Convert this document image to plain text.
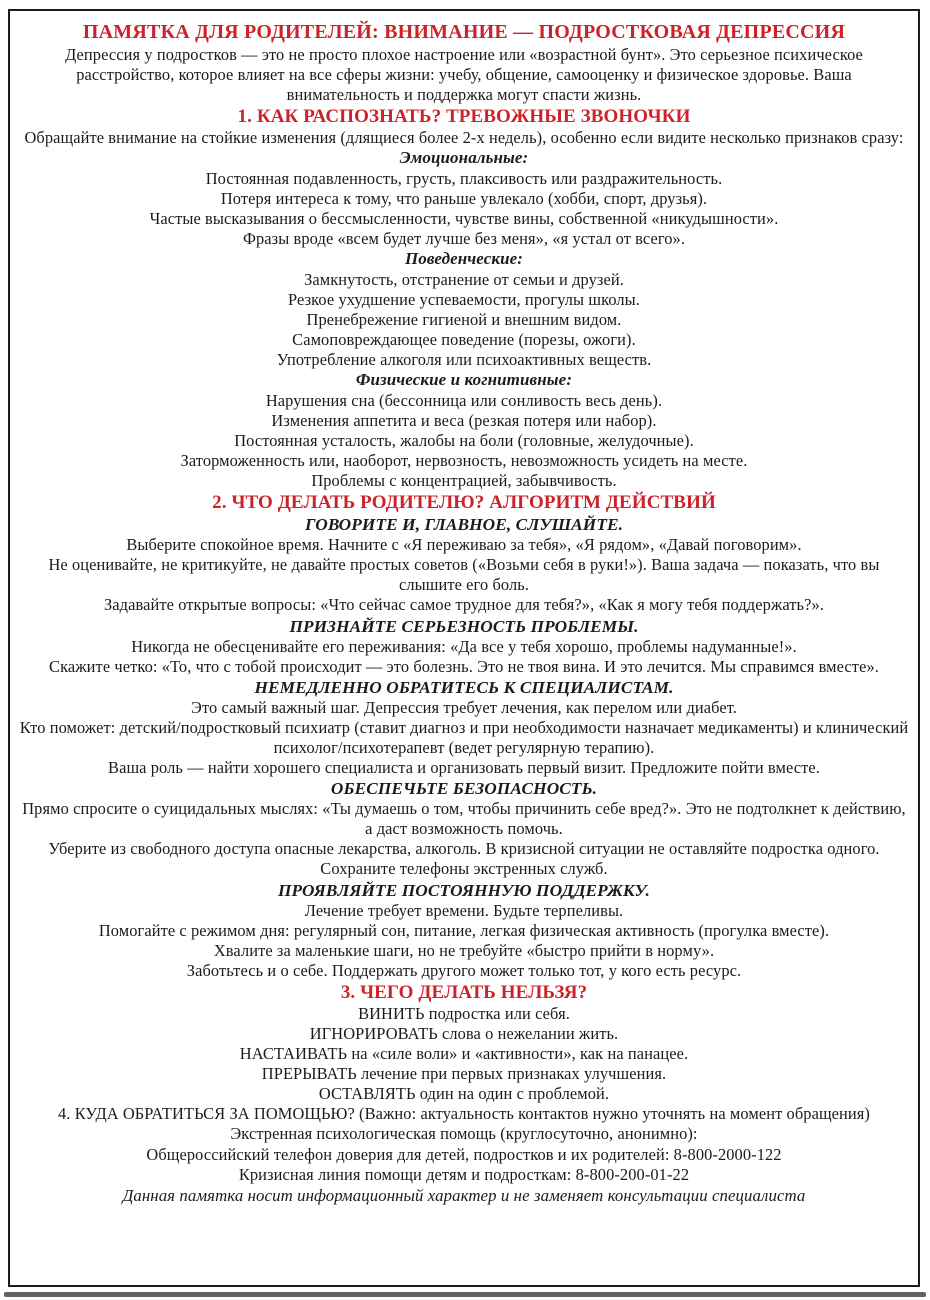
ПАМЯТКА ДЛЯ РОДИТЕЛЕЙ: ВНИМАНИЕ — ПОДРОСТКОВАЯ ДЕПРЕССИЯ
Депрессия у подростков — это не просто плохое настроение или «возрастной бунт». Это серьезное психическое расстройство, которое влияет на все сферы жизни: учебу, общение, самооценку и физическое здоровье. Ваша внимательность и поддержка могут спасти жизнь.
1. КАК РАСПОЗНАТЬ? ТРЕВОЖНЫЕ ЗВОНОЧКИ
Обращайте внимание на стойкие изменения (длящиеся более 2-х недель), особенно если видите несколько признаков сразу:
Эмоциональные:
Постоянная подавленность, грусть, плаксивость или раздражительность.
Потеря интереса к тому, что раньше увлекало (хобби, спорт, друзья).
Частые высказывания о бессмысленности, чувстве вины, собственной «никудышности».
Фразы вроде «всем будет лучше без меня», «я устал от всего».
Поведенческие:
Замкнутость, отстранение от семьи и друзей.
Резкое ухудшение успеваемости, прогулы школы.
Пренебрежение гигиеной и внешним видом.
Самоповреждающее поведение (порезы, ожоги).
Употребление алкоголя или психоактивных веществ.
Физические и когнитивные:
Нарушения сна (бессонница или сонливость весь день).
Изменения аппетита и веса (резкая потеря или набор).
Постоянная усталость, жалобы на боли (головные, желудочные).
Заторможенность или, наоборот, нервозность, невозможность усидеть на месте.
Проблемы с концентрацией, забывчивость.
2. ЧТО ДЕЛАТЬ РОДИТЕЛЮ? АЛГОРИТМ ДЕЙСТВИЙ
ГОВОРИТЕ И, ГЛАВНОЕ, СЛУШАЙТЕ.
Выберите спокойное время. Начните с «Я переживаю за тебя», «Я рядом», «Давай поговорим».
Не оценивайте, не критикуйте, не давайте простых советов («Возьми себя в руки!»). Ваша задача — показать, что вы слышите его боль.
Задавайте открытые вопросы: «Что сейчас самое трудное для тебя?», «Как я могу тебя поддержать?».
ПРИЗНАЙТЕ СЕРЬЕЗНОСТЬ ПРОБЛЕМЫ.
Никогда не обесценивайте его переживания: «Да все у тебя хорошо, проблемы надуманные!».
Скажите четко: «То, что с тобой происходит — это болезнь. Это не твоя вина. И это лечится. Мы справимся вместе».
НЕМЕДЛЕННО ОБРАТИТЕСЬ К СПЕЦИАЛИСТАМ.
Это самый важный шаг. Депрессия требует лечения, как перелом или диабет.
Кто поможет: детский/подростковый психиатр (ставит диагноз и при необходимости назначает медикаменты) и клинический психолог/психотерапевт (ведет регулярную терапию).
Ваша роль — найти хорошего специалиста и организовать первый визит. Предложите пойти вместе.
ОБЕСПЕЧЬТЕ БЕЗОПАСНОСТЬ.
Прямо спросите о суицидальных мыслях: «Ты думаешь о том, чтобы причинить себе вред?». Это не подтолкнет к действию, а даст возможность помочь.
Уберите из свободного доступа опасные лекарства, алкоголь. В кризисной ситуации не оставляйте подростка одного.
Сохраните телефоны экстренных служб.
ПРОЯВЛЯЙТЕ ПОСТОЯННУЮ ПОДДЕРЖКУ.
Лечение требует времени. Будьте терпеливы.
Помогайте с режимом дня: регулярный сон, питание, легкая физическая активность (прогулка вместе).
Хвалите за маленькие шаги, но не требуйте «быстро прийти в норму».
Заботьтесь и о себе. Поддержать другого может только тот, у кого есть ресурс.
3. ЧЕГО ДЕЛАТЬ НЕЛЬЗЯ?
ВИНИТЬ подростка или себя.
ИГНОРИРОВАТЬ слова о нежелании жить.
НАСТАИВАТЬ на «силе воли» и «активности», как на панацее.
ПРЕРЫВАТЬ лечение при первых признаках улучшения.
ОСТАВЛЯТЬ один на один с проблемой.
4. КУДА ОБРАТИТЬСЯ ЗА ПОМОЩЬЮ? (Важно: актуальность контактов нужно уточнять на момент обращения)
Экстренная психологическая помощь (круглосуточно, анонимно):
Общероссийский телефон доверия для детей, подростков и их родителей: 8-800-2000-122
Кризисная линия помощи детям и подросткам: 8-800-200-01-22
Данная памятка носит информационный характер и не заменяет консультации специалиста
